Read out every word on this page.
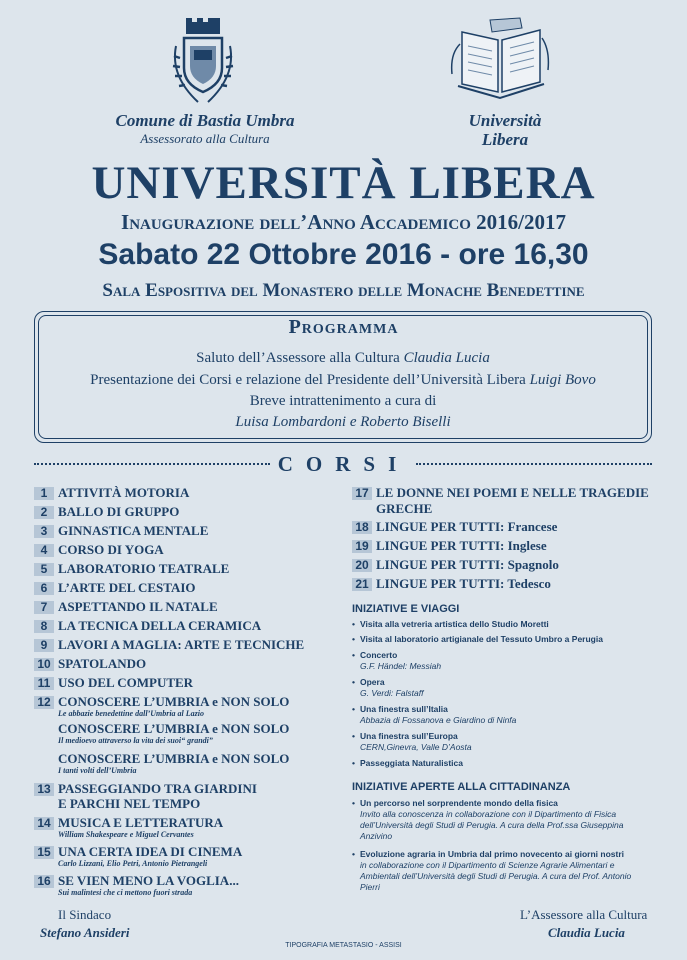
Comune di Bastia Umbra
Assessorato alla Cultura
Università
Libera
UNIVERSITÀ LIBERA
Inaugurazione dell’Anno Accademico 2016/2017
Sabato 22 Ottobre 2016 - ore 16,30
Sala Espositiva del Monastero delle Monache Benedettine
Programma
Saluto dell’Assessore alla Cultura Claudia Lucia
Presentazione dei Corsi e relazione del Presidente dell’Università Libera Luigi Bovo
Breve intrattenimento a cura di
Luisa Lombardoni e Roberto Biselli
CORSI
1 ATTIVITÀ MOTORIA
2 BALLO DI GRUPPO
3 GINNASTICA MENTALE
4 CORSO DI YOGA
5 LABORATORIO TEATRALE
6 L’ARTE DEL CESTAIO
7 ASPETTANDO IL NATALE
8 LA TECNICA DELLA CERAMICA
9 LAVORI A MAGLIA: ARTE E TECNICHE
10 SPATOLANDO
11 USO DEL COMPUTER
12 CONOSCERE L’UMBRIA e NON SOLO
Le abbazie benedettine dall’Umbria al Lazio
CONOSCERE L’UMBRIA e NON SOLO
Il medioevo attraverso la vita dei suoi“ grandi”
CONOSCERE L’UMBRIA e NON SOLO
I tanti volti dell’Umbria
13 PASSEGGIANDO TRA GIARDINI
E PARCHI NEL TEMPO
14 MUSICA E LETTERATURA
William Shakespeare e Miguel Cervantes
15 UNA CERTA IDEA DI CINEMA
Carlo Lizzani, Elio Petri, Antonio Pietrangeli
16 SE VIEN MENO LA VOGLIA...
Sui malintesi che ci mettono fuori strada
17 LE DONNE NEI POEMI E NELLE TRAGEDIE
GRECHE
18 LINGUE PER TUTTI: Francese
19 LINGUE PER TUTTI: Inglese
20 LINGUE PER TUTTI: Spagnolo
21 LINGUE PER TUTTI: Tedesco
INIZIATIVE E VIAGGI
• Visita alla vetreria artistica dello Studio Moretti
• Visita al laboratorio artigianale del Tessuto Umbro a Perugia
• Concerto
G.F. Händel: Messiah
• Opera
G. Verdi: Falstaff
• Una finestra sull’Italia
Abbazia di Fossanova e Giardino di Ninfa
• Una finestra sull’Europa
CERN,Ginevra, Valle D’Aosta
• Passeggiata Naturalistica
INIZIATIVE APERTE ALLA CITTADINANZA
• Un percorso nel sorprendente mondo della fisica
Invito alla conoscenza in collaborazione con il Dipartimento di Fisica
dell’Università degli Studi di Perugia. A cura della Prof.ssa Giuseppina
Anzivino
• Evoluzione agraria in Umbria dal primo novecento ai giorni nostri
in collaborazione con il Dipartimento di Scienze Agrarie Alimentari e
Ambientali dell’Università degli Studi di Perugia. A cura del Prof. Antonio
Pierri
Il Sindaco
Stefano Ansideri
L’Assessore alla Cultura
Claudia Lucia
TIPOGRAFIA METASTASIO - ASSISI
